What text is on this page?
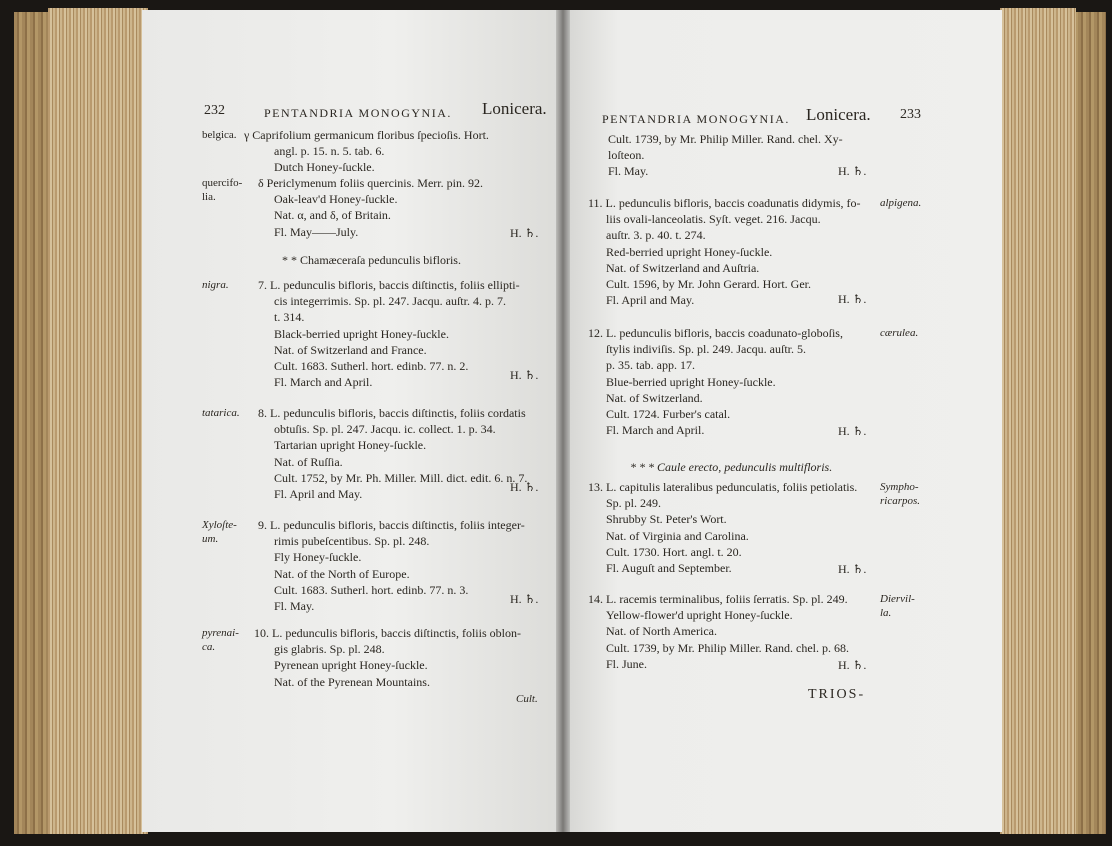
232	PENTANDRIA MONOGYNIA. Lonicera.
belgica. γ Caprifolium germanicum floribus ſpecioſis. Hort.
angl. p. 15. n. 5. tab. 6.
Dutch Honey-ſuckle.
quercifo-
lia.
δ Periclymenum foliis quercinis. Merr. pin. 92.
Oak-leav'd Honey-ſuckle.
Nat. α, and δ, of Britain.
Fl. May——July.	H. ♄.
* * Chamæceraſa pedunculis bifloris.
nigra. 7. L. pedunculis bifloris, baccis diſtinctis, foliis ellipti-
cis integerrimis. Sp. pl. 247. Jacqu. auſtr. 4. p. 7.
t. 314.
Black-berried upright Honey-ſuckle.
Nat. of Switzerland and France.
Cult. 1683. Sutherl. hort. edinb. 77. n. 2.
Fl. March and April.
H. ♄.
tatarica. 8. L. pedunculis bifloris, baccis diſtinctis, foliis cordatis
obtuſis. Sp. pl. 247. Jacqu. ic. collect. 1. p. 34.
Tartarian upright Honey-ſuckle.
Nat. of Ruſſia.
Cult. 1752, by Mr. Ph. Miller. Mill. dict. edit. 6. n. 7.
Fl. April and May.	H. ♄.
Xyloſte-
um.
9. L. pedunculis bifloris, baccis diſtinctis, foliis integer-
rimis pubeſcentibus. Sp. pl. 248.
Fly Honey-ſuckle.
Nat. of the North of Europe.
Cult. 1683. Sutherl. hort. edinb. 77. n. 3.
Fl. May.	H. ♄.
pyrenai-
ca.
10. L. pedunculis bifloris, baccis diſtinctis, foliis oblon-
gis glabris. Sp. pl. 248.
Pyrenean upright Honey-ſuckle.
Nat. of the Pyrenean Mountains.
Cult.
PENTANDRIA MONOGYNIA. Lonicera. 233
Cult. 1739, by Mr. Philip Miller. Rand. chel. Xy-
loſteon.
Fl. May.	H. ♄.
alpigena.
11. L. pedunculis bifloris, baccis coadunatis didymis, fo-
liis ovali-lanceolatis. Syſt. veget. 216. Jacqu.
auſtr. 3. p. 40. t. 274.
Red-berried upright Honey-ſuckle.
Nat. of Switzerland and Auſtria.
Cult. 1596, by Mr. John Gerard. Hort. Ger.
Fl. April and May.	H. ♄.
cærulea.
12. L. pedunculis bifloris, baccis coadunato-globoſis,
ſtylis indiviſis. Sp. pl. 249. Jacqu. auſtr. 5.
p. 35. tab. app. 17.
Blue-berried upright Honey-ſuckle.
Nat. of Switzerland.
Cult. 1724. Furber's catal.
Fl. March and April.	H. ♄.
* * * Caule erecto, pedunculis multifloris.
Sympho-
ricarpos.
13. L. capitulis lateralibus pedunculatis, foliis petiolatis.
Sp. pl. 249.
Shrubby St. Peter's Wort.
Nat. of Virginia and Carolina.
Cult. 1730. Hort. angl. t. 20.
Fl. Auguſt and September.	H. ♄.
Diervil-
la.
14. L. racemis terminalibus, foliis ſerratis. Sp. pl. 249.
Yellow-flower'd upright Honey-ſuckle.
Nat. of North America.
Cult. 1739, by Mr. Philip Miller. Rand. chel. p. 68.
Fl. June.	H. ♄.
TRIOS-
